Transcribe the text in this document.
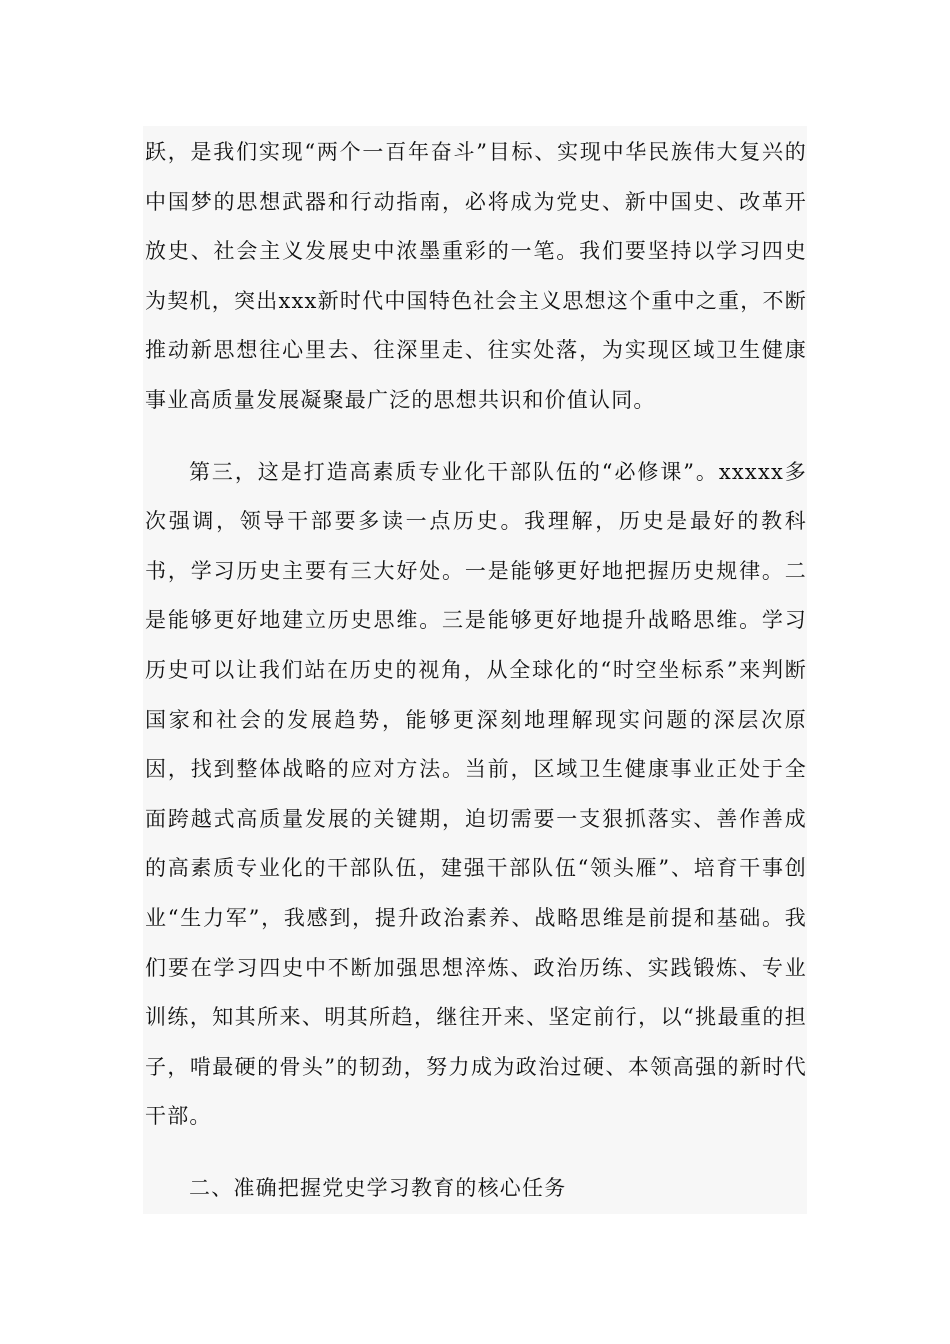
跃，是我们实现“两个一百年奋斗”目标、实现中华民族伟大复兴的中国梦的思想武器和行动指南，必将成为党史、新中国史、改革开放史、社会主义发展史中浓墨重彩的一笔。我们要坚持以学习四史为契机，突出xxx新时代中国特色社会主义思想这个重中之重，不断推动新思想往心里去、往深里走、往实处落，为实现区域卫生健康事业高质量发展凝聚最广泛的思想共识和价值认同。

第三，这是打造高素质专业化干部队伍的“必修课”。xxxxx多次强调，领导干部要多读一点历史。我理解，历史是最好的教科书，学习历史主要有三大好处。一是能够更好地把握历史规律。二是能够更好地建立历史思维。三是能够更好地提升战略思维。学习历史可以让我们站在历史的视角，从全球化的“时空坐标系”来判断国家和社会的发展趋势，能够更深刻地理解现实问题的深层次原因，找到整体战略的应对方法。当前，区域卫生健康事业正处于全面跨越式高质量发展的关键期，迫切需要一支狠抓落实、善作善成的高素质专业化的干部队伍，建强干部队伍“领头雁”、培育干事创业“生力军”，我感到，提升政治素养、战略思维是前提和基础。我们要在学习四史中不断加强思想淬炼、政治历练、实践锻炼、专业训练，知其所来、明其所趋，继往开来、坚定前行，以“挑最重的担子，啃最硬的骨头”的韧劲，努力成为政治过硬、本领高强的新时代干部。

二、准确把握党史学习教育的核心任务
